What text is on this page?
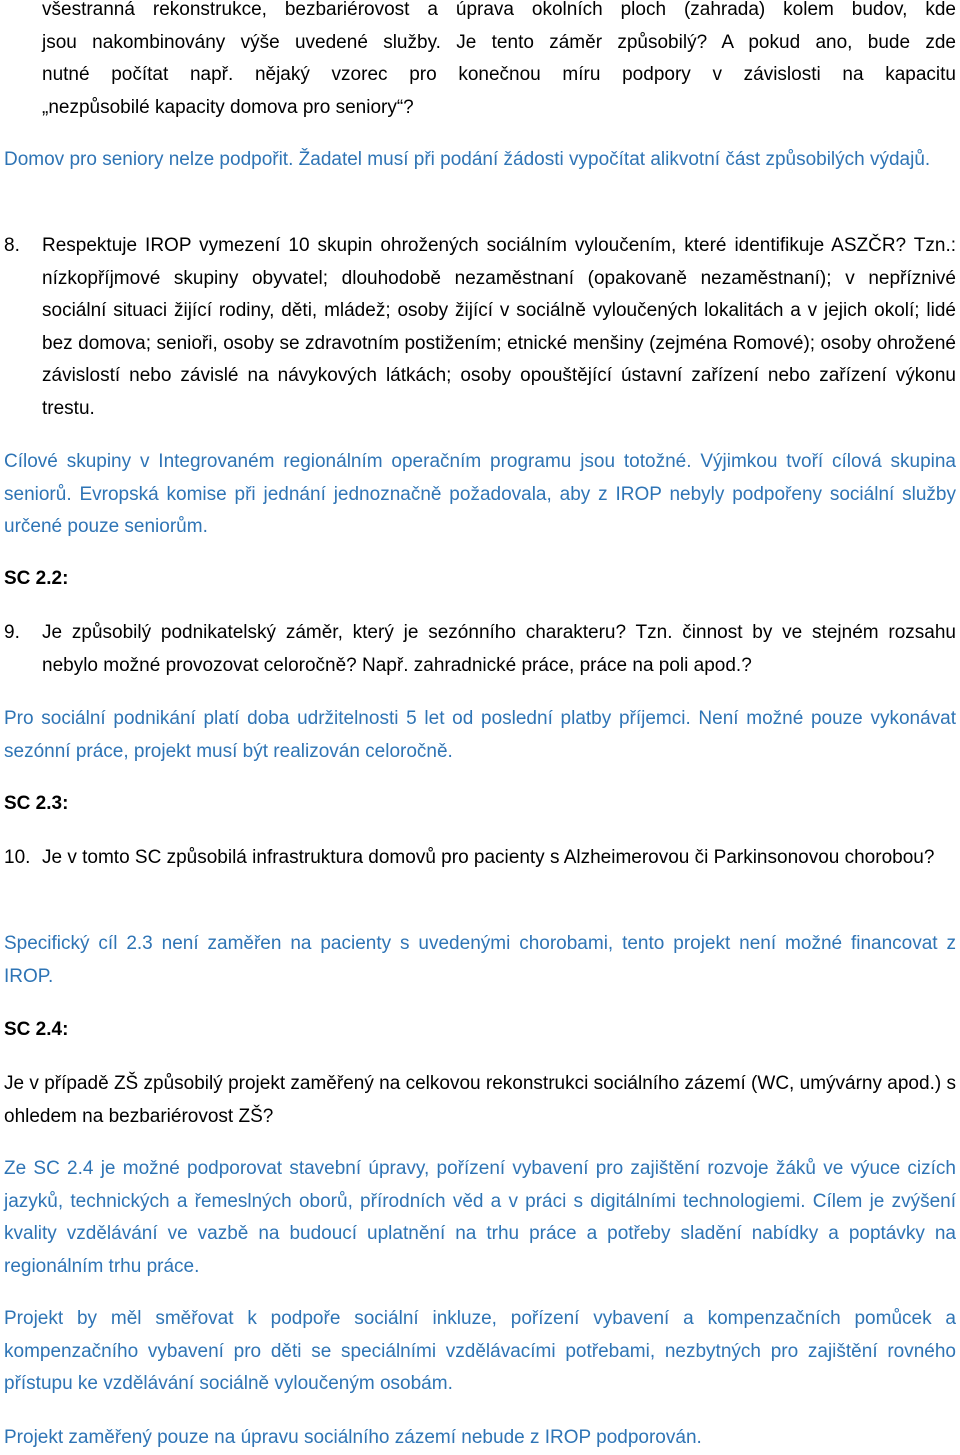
všestranná rekonstrukce, bezbariérovost a úprava okolních ploch (zahrada) kolem budov, kde
jsou nakombinovány výše uvedené služby. Je tento záměr způsobilý? A pokud ano, bude zde
nutné počítat např. nějaký vzorec pro konečnou míru podpory v závislosti na kapacitu
„nezpůsobilé kapacity domova pro seniory“?

Domov pro seniory nelze podpořit. Žadatel musí při podání žádosti vypočítat alikvotní část způsobilých výdajů.

8. Respektuje IROP vymezení 10 skupin ohrožených sociálním vyloučením, které identifikuje ASZČR? Tzn.: nízkopříjmové skupiny obyvatel; dlouhodobě nezaměstnaní (opakovaně nezaměstnaní); v nepříznivé sociální situaci žijící rodiny, děti, mládež; osoby žijící v sociálně vyloučených lokalitách a v jejich okolí; lidé bez domova; senioři, osoby se zdravotním postižením; etnické menšiny (zejména Romové); osoby ohrožené závislostí nebo závislé na návykových látkách; osoby opouštějící ústavní zařízení nebo zařízení výkonu trestu.

Cílové skupiny v Integrovaném regionálním operačním programu jsou totožné. Výjimkou tvoří cílová skupina seniorů. Evropská komise při jednání jednoznačně požadovala, aby z IROP nebyly podpořeny sociální služby určené pouze seniorům.

SC 2.2:

9. Je způsobilý podnikatelský záměr, který je sezónního charakteru? Tzn. činnost by ve stejném rozsahu nebylo možné provozovat celoročně? Např. zahradnické práce, práce na poli apod.?

Pro sociální podnikání platí doba udržitelnosti 5 let od poslední platby příjemci. Není možné pouze vykonávat sezónní práce, projekt musí být realizován celoročně.

SC 2.3:

10. Je v tomto SC způsobilá infrastruktura domovů pro pacienty s Alzheimerovou či Parkinsonovou chorobou?

Specifický cíl 2.3 není zaměřen na pacienty s uvedenými chorobami, tento projekt není možné financovat z IROP.

SC 2.4:

Je v případě ZŠ způsobilý projekt zaměřený na celkovou rekonstrukci sociálního zázemí (WC, umývárny apod.) s ohledem na bezbariérovost ZŠ?

Ze SC 2.4 je možné podporovat stavební úpravy, pořízení vybavení pro zajištění rozvoje žáků ve výuce cizích jazyků, technických a řemeslných oborů, přírodních věd a v práci s digitálními technologiemi. Cílem je zvýšení kvality vzdělávání ve vazbě na budoucí uplatnění na trhu práce a potřeby sladění nabídky a poptávky na regionálním trhu práce.

Projekt by měl směřovat k podpoře sociální inkluze, pořízení vybavení a kompenzačních pomůcek a kompenzačního vybavení pro děti se speciálními vzdělávacími potřebami, nezbytných pro zajištění rovného přístupu ke vzdělávání sociálně vyloučeným osobám.

Projekt zaměřený pouze na úpravu sociálního zázemí nebude z IROP podporován.
